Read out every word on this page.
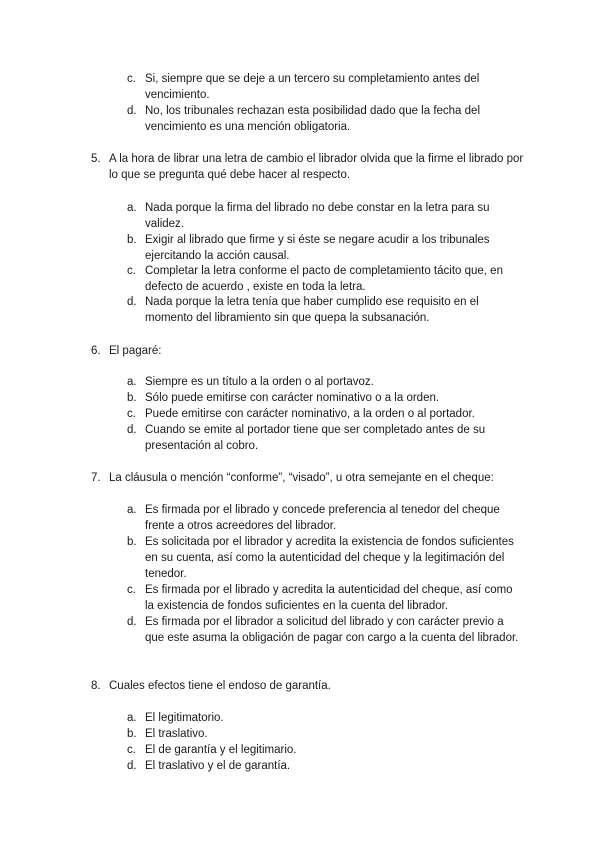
c. Si, siempre que se deje a un tercero su completamiento antes del vencimiento.
d. No, los tribunales rechazan esta posibilidad dado que la fecha del vencimiento es una mención obligatoria.
5. A la hora de librar una letra de cambio el librador olvida que la firme el librado por lo que se pregunta qué debe hacer al respecto.
a. Nada porque la firma del librado no debe constar en la letra para su validez.
b. Exigir al librado que firme y si éste se negare acudir a los tribunales ejercitando la acción causal.
c. Completar la letra conforme el pacto de completamiento tácito que, en defecto de acuerdo , existe en toda la letra.
d. Nada porque la letra tenía que haber cumplido ese requisito en el momento del libramiento sin que quepa la subsanación.
6. El pagaré:
a. Siempre es un título a la orden o al portavoz.
b. Sólo puede emitirse con carácter nominativo o a la orden.
c. Puede emitirse con carácter nominativo, a la orden o al portador.
d. Cuando se emite al portador tiene que ser completado antes de su presentación al cobro.
7. La cláusula o mención “conforme”, “visado”, u otra semejante en el cheque:
a. Es firmada por el librado y concede preferencia al tenedor del cheque frente a otros acreedores del librador.
b. Es solicitada por el librador y acredita la existencia de fondos suficientes en su cuenta, así como la autenticidad del cheque y la legitimación del tenedor.
c. Es firmada por el librado y acredita la autenticidad del cheque, así como la existencia de fondos suficientes en la cuenta del librador.
d. Es firmada por el librador a solicitud del librado y con carácter previo a que este asuma la obligación de pagar con cargo a la cuenta del librador.
8. Cuales efectos tiene el endoso de garantía.
a. El legitimatorio.
b. El traslativo.
c. El de garantía y el legitimario.
d. El traslativo y el de garantía.
